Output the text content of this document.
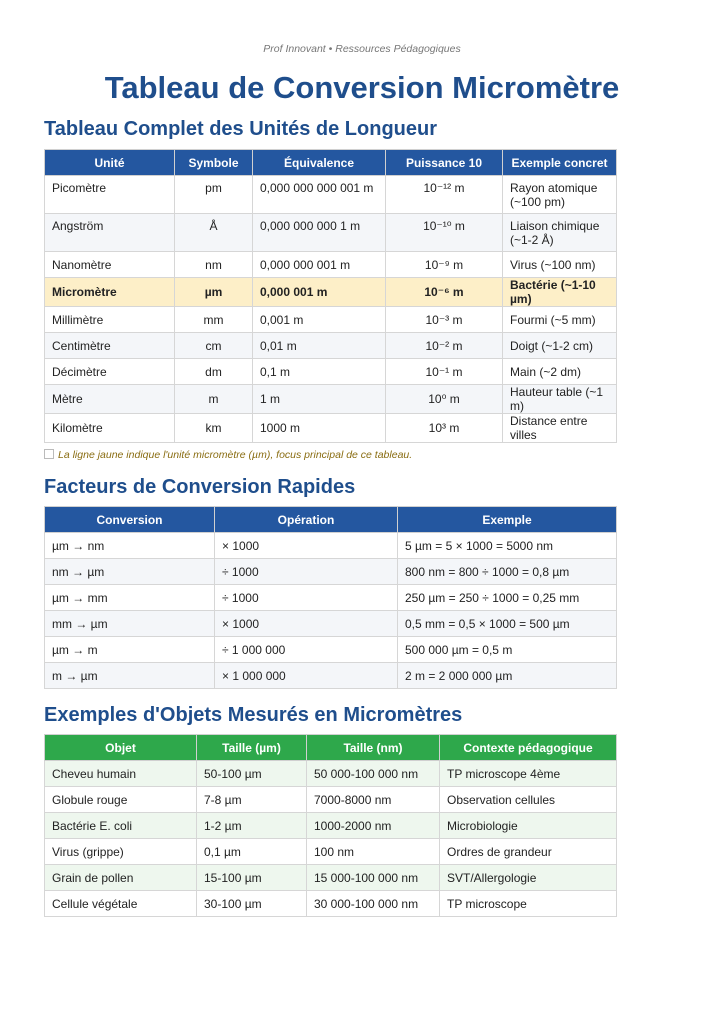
Prof Innovant • Ressources Pédagogiques
Tableau de Conversion Micromètre
Tableau Complet des Unités de Longueur
Unité	Symbole	Équivalence	Puissance 10	Exemple concret
Picomètre	pm	0,000 000 000 001 m	10⁻¹² m	Rayon atomique (~100 pm)
Angström	Å	0,000 000 000 1 m	10⁻¹⁰ m	Liaison chimique (~1-2 Å)
Nanomètre	nm	0,000 000 001 m	10⁻⁹ m	Virus (~100 nm)
Micromètre	µm	0,000 001 m	10⁻⁶ m	Bactérie (~1-10 µm)
Millimètre	mm	0,001 m	10⁻³ m	Fourmi (~5 mm)
Centimètre	cm	0,01 m	10⁻² m	Doigt (~1-2 cm)
Décimètre	dm	0,1 m	10⁻¹ m	Main (~2 dm)
Mètre	m	1 m	10⁰ m	Hauteur table (~1 m)
Kilomètre	km	1000 m	10³ m	Distance entre villes
La ligne jaune indique l'unité micromètre (µm), focus principal de ce tableau.
Facteurs de Conversion Rapides
Conversion	Opération	Exemple
µm → nm	× 1000	5 µm = 5 × 1000 = 5000 nm
nm → µm	÷ 1000	800 nm = 800 ÷ 1000 = 0,8 µm
µm → mm	÷ 1000	250 µm = 250 ÷ 1000 = 0,25 mm
mm → µm	× 1000	0,5 mm = 0,5 × 1000 = 500 µm
µm → m	÷ 1 000 000	500 000 µm = 0,5 m
m → µm	× 1 000 000	2 m = 2 000 000 µm
Exemples d'Objets Mesurés en Micromètres
Objet	Taille (µm)	Taille (nm)	Contexte pédagogique
Cheveu humain	50-100 µm	50 000-100 000 nm	TP microscope 4ème
Globule rouge	7-8 µm	7000-8000 nm	Observation cellules
Bactérie E. coli	1-2 µm	1000-2000 nm	Microbiologie
Virus (grippe)	0,1 µm	100 nm	Ordres de grandeur
Grain de pollen	15-100 µm	15 000-100 000 nm	SVT/Allergologie
Cellule végétale	30-100 µm	30 000-100 000 nm	TP microscope
